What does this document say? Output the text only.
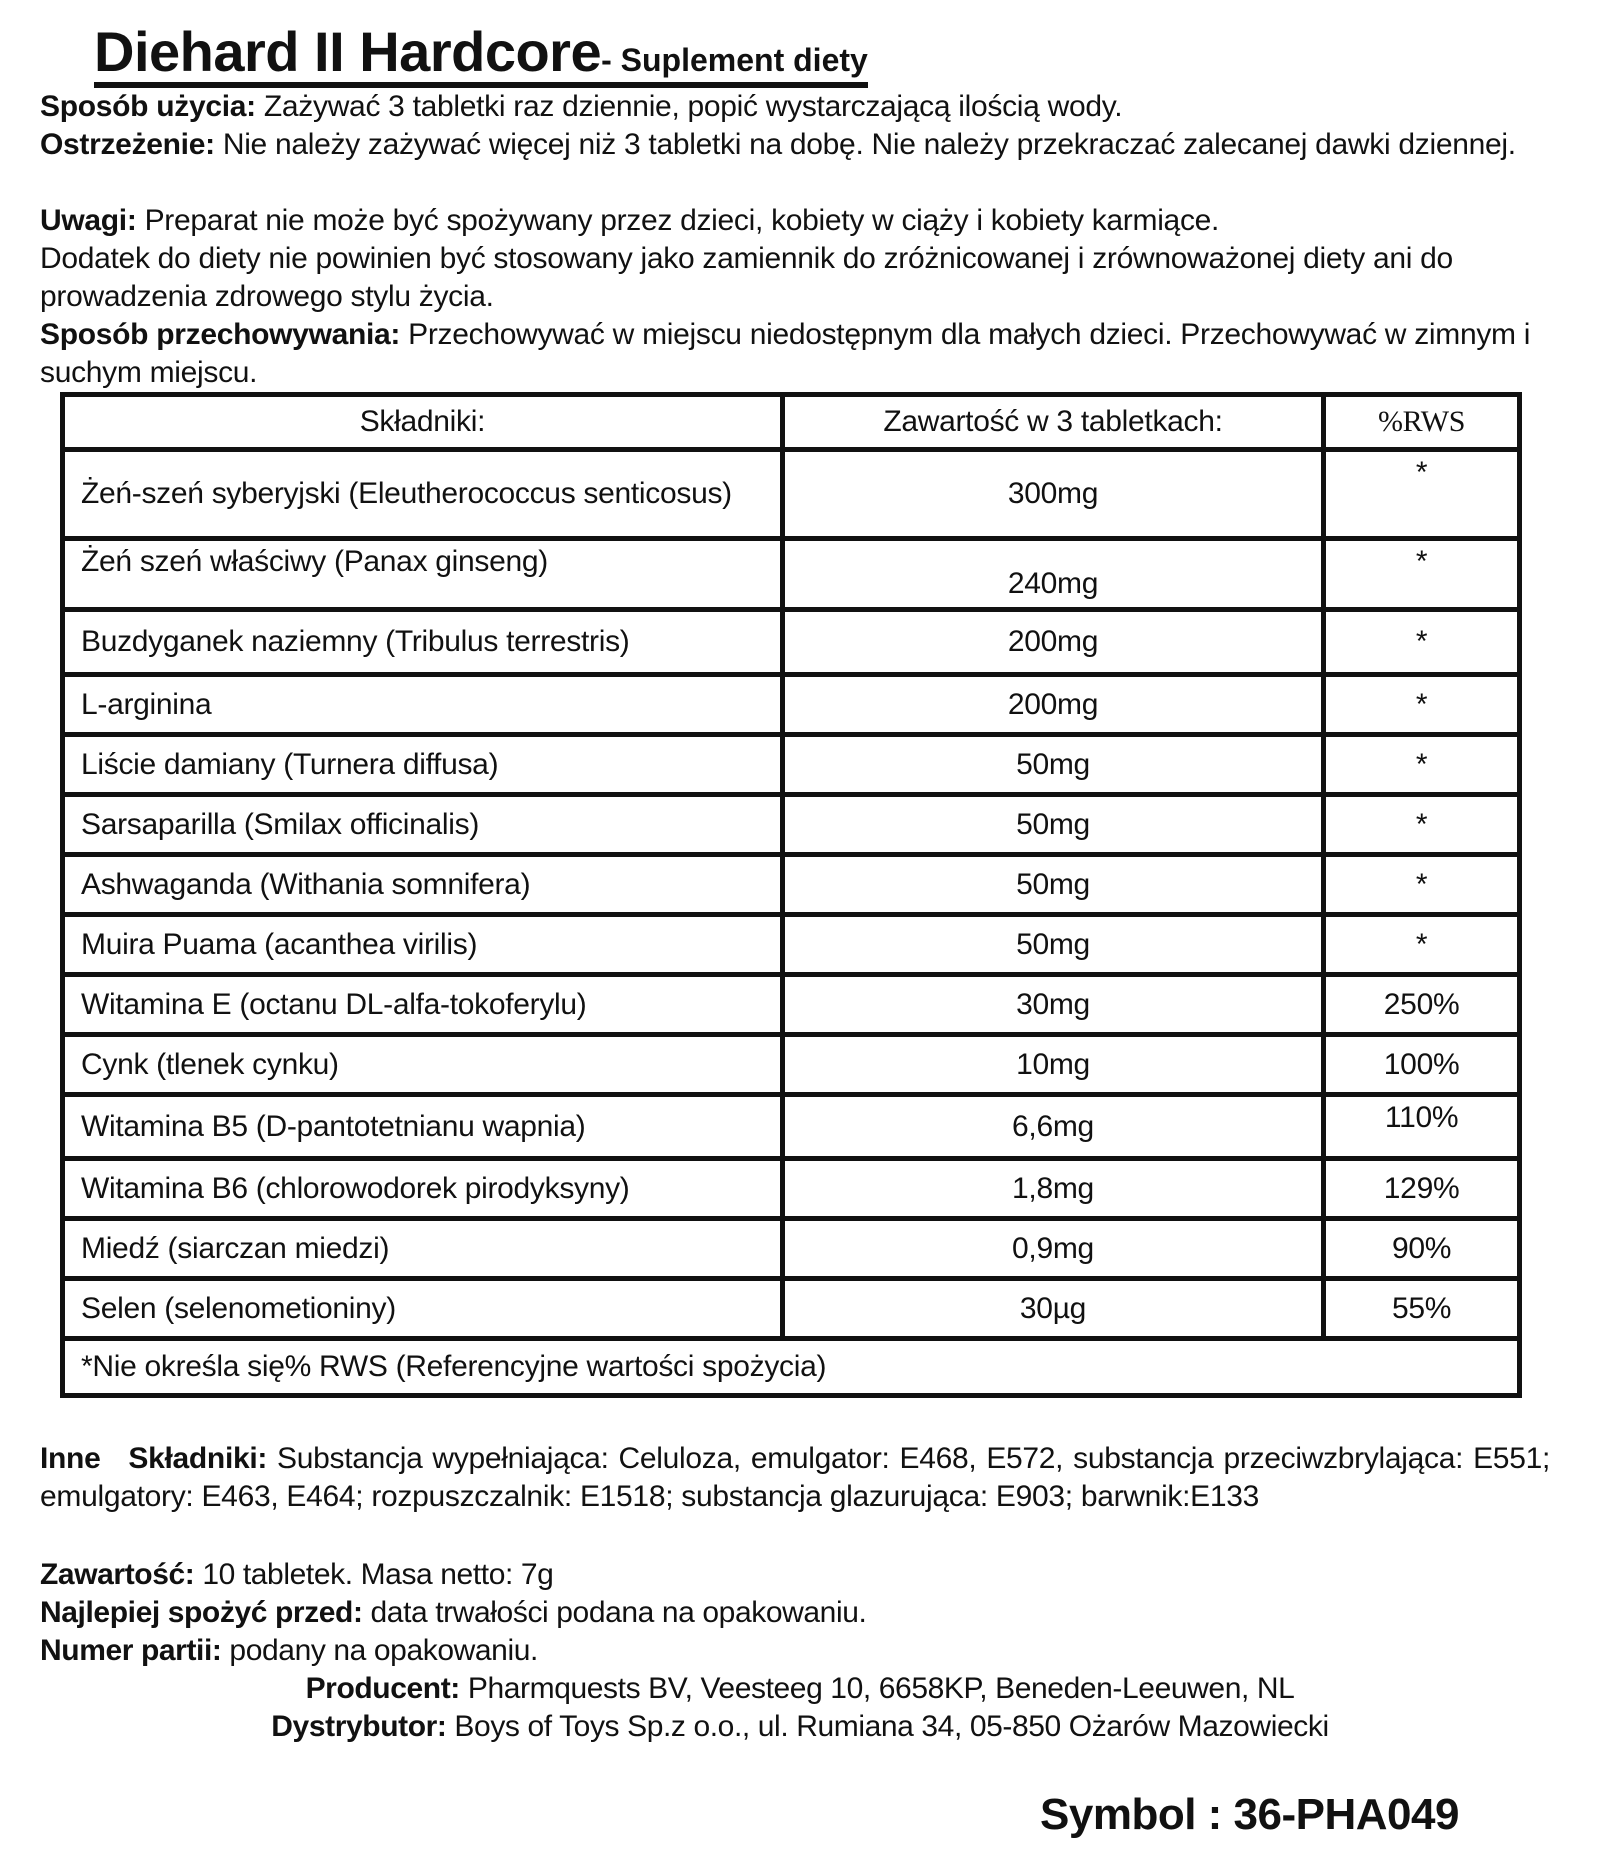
Diehard II Hardcore- Suplement diety
Sposób użycia: Zażywać 3 tabletki raz dziennie, popić wystarczającą ilością wody.
Ostrzeżenie: Nie należy zażywać więcej niż 3 tabletki na dobę. Nie należy przekraczać zalecanej dawki dziennej.
Uwagi: Preparat nie może być spożywany przez dzieci, kobiety w ciąży i kobiety karmiące.
Dodatek do diety nie powinien być stosowany jako zamiennik do zróżnicowanej i zrównoważonej diety ani do prowadzenia zdrowego stylu życia.
Sposób przechowywania: Przechowywać w miejscu niedostępnym dla małych dzieci. Przechowywać w zimnym i suchym miejscu.
Składniki:	Zawartość w 3 tabletkach:	%RWS
Żeń-szeń syberyjski (Eleutherococcus senticosus)	300mg	*
Żeń szeń właściwy (Panax ginseng)	240mg	*
Buzdyganek naziemny (Tribulus terrestris)	200mg	*
L-arginina	200mg	*
Liście damiany (Turnera diffusa)	50mg	*
Sarsaparilla (Smilax officinalis)	50mg	*
Ashwaganda (Withania somnifera)	50mg	*
Muira Puama (acanthea virilis)	50mg	*
Witamina E (octanu DL-alfa-tokoferylu)	30mg	250%
Cynk (tlenek cynku)	10mg	100%
Witamina B5 (D-pantotetnianu wapnia)	6,6mg	110%
Witamina B6 (chlorowodorek pirodyksyny)	1,8mg	129%
Miedź (siarczan miedzi)	0,9mg	90%
Selen (selenometioniny)	30µg	55%
*Nie określa się% RWS (Referencyjne wartości spożycia)		
Inne Składniki: Substancja wypełniająca: Celuloza, emulgator: E468, E572, substancja przeciwzbrylająca: E551; emulgatory: E463, E464; rozpuszczalnik: E1518; substancja glazurująca: E903; barwnik:E133
Zawartość: 10 tabletek. Masa netto: 7g
Najlepiej spożyć przed: data trwałości podana na opakowaniu.
Numer partii: podany na opakowaniu.
Producent: Pharmquests BV, Veesteeg 10, 6658KP, Beneden-Leeuwen, NL
Dystrybutor: Boys of Toys Sp.z o.o., ul. Rumiana 34, 05-850 Ożarów Mazowiecki
Symbol : 36-PHA049
